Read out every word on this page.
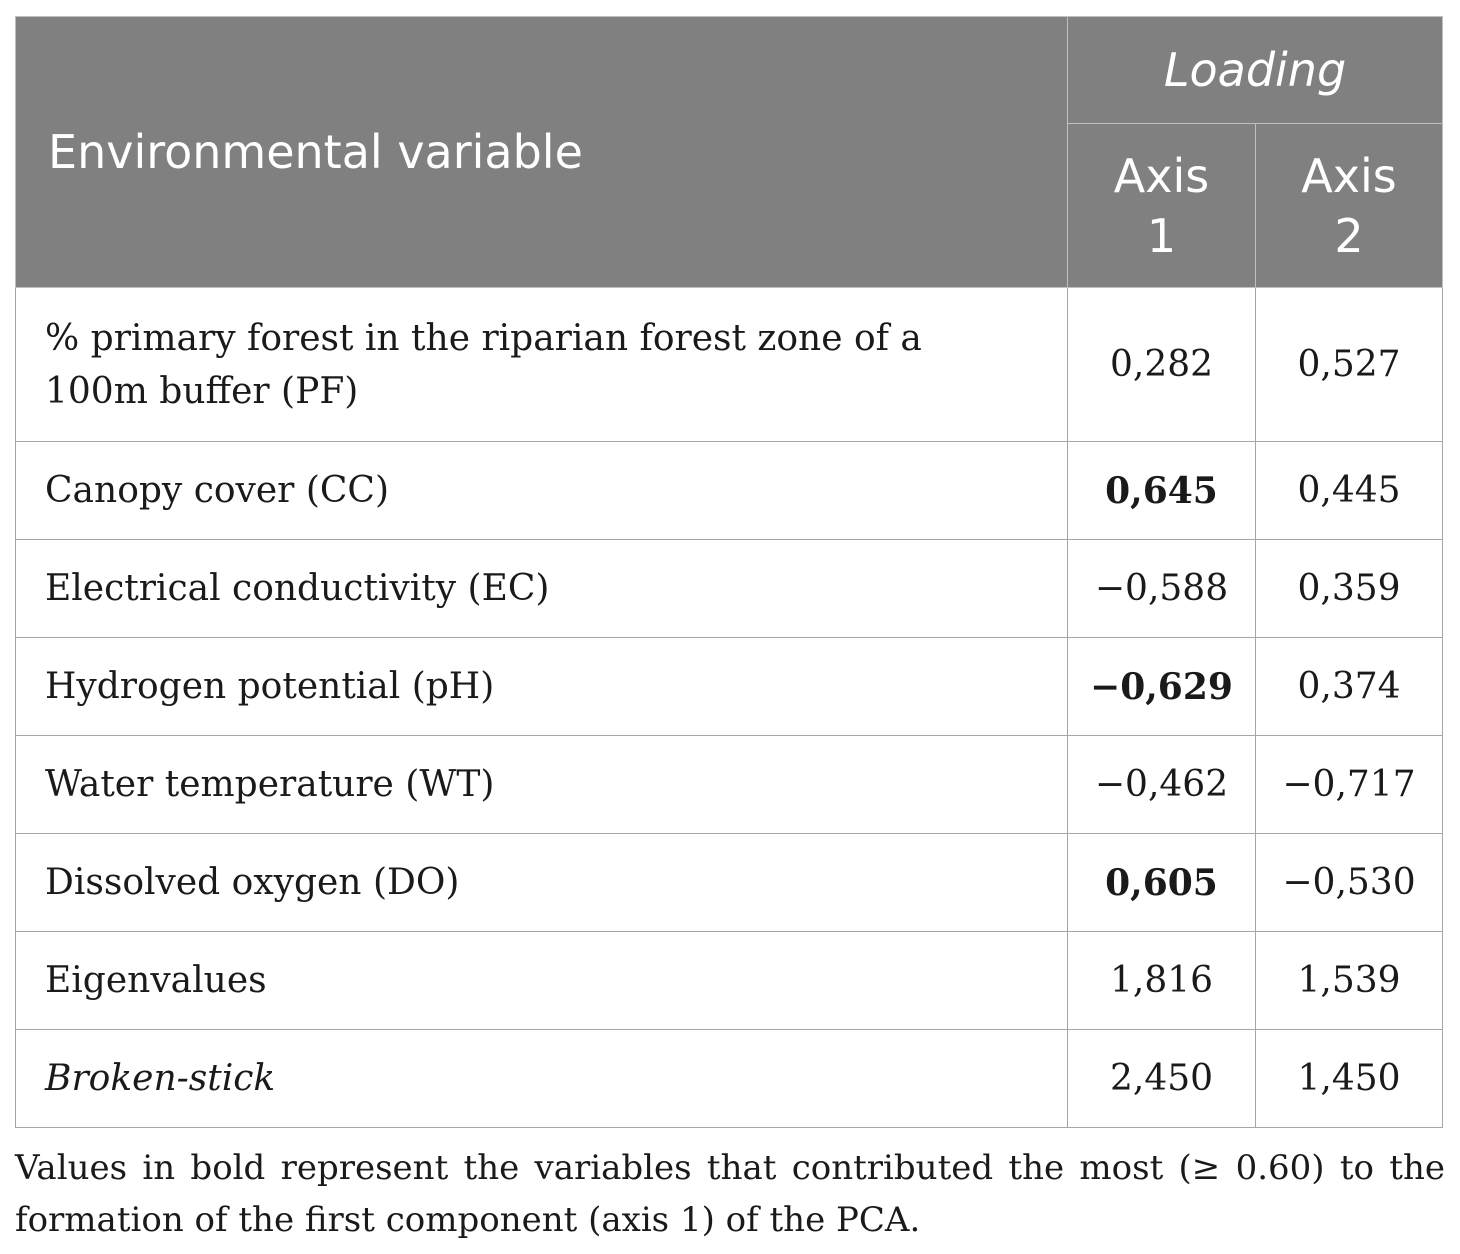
Environmental variable	Loading	
	Axis 1	Axis 2
% primary forest in the riparian forest zone of a 100m buffer (PF)	0,282	0,527
Canopy cover (CC)	0,645	0,445
Electrical conductivity (EC)	−0,588	0,359
Hydrogen potential (pH)	−0,629	0,374
Water temperature (WT)	−0,462	−0,717
Dissolved oxygen (DO)	0,605	−0,530
Eigenvalues	1,816	1,539
Broken-stick	2,450	1,450
Values in bold represent the variables that contributed the most (≥ 0.60) to the formation of the first component (axis 1) of the PCA.
